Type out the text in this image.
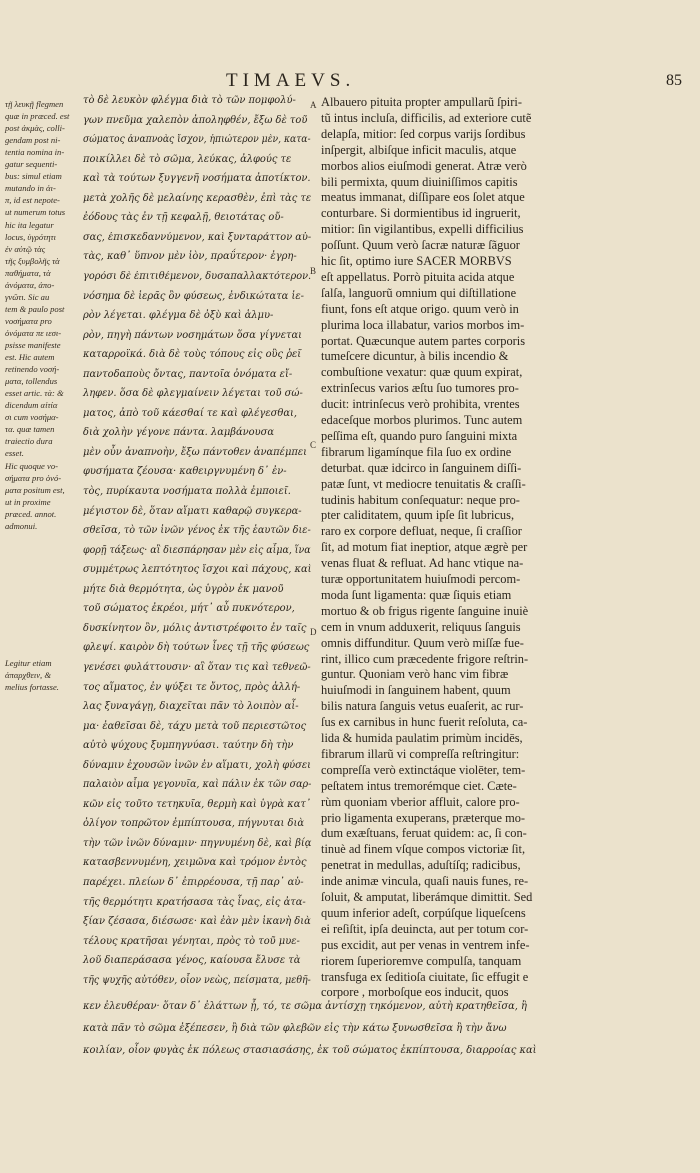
TIMAEVS.	85
τῇ λευκῇ flegmen
quæ in præced. est
post ἀκμὰς, colli-
gendam post ni-
tentia nomina in-
gatur sequenti-
bus: simul etiam
mutando in ἀι-
π, id est nepote-
ut numerum totus
hic ita legatur
locus, ὑγρότητι
ἐν αὐτῷ τὰς
τῆς ξυμβολῆς τὰ
παθήματα, τὰ
ἀνόματα, ἀπο-
γνῶτι. Sic au
tem & paulo post
νοσήματα pro
ὀνόματα πε ιεσι-
psisse manifeste
est. Hic autem
retinendo νοσή-
ματα, tollendus
esset artic. τὰ: &
dicendum αἰτία
σι cum νοσήμα-
τα. quæ tamen
traiectio dura
esset.
Hic quoque νο-
σήματα pro ὀνό-
ματα positum est,
ut in proxime
præced. annot.
admonui.
Legitur etiam
ἀπαρχθειν, &
melius fortasse.
τὸ δὲ λευκὸν φλέγμα διὰ τὸ τῶν πομφολύ-
γων πνεῦμα χαλεπὸν ἀποληφθέν, ἔξω δὲ τοῦ
σώματος ἀναπνοὰς ἴσχον, ἠπιώτερον μὲν, κατα-
ποικίλλει δὲ τὸ σῶμα, λεύκας, ἀλφούς τε
καὶ τὰ τούτων ξυγγενῆ νοσήματα ἀποτίκτον.
μετὰ χολῆς δὲ μελαίνης κερασθὲν, ἐπὶ τὰς τε
ἐόδους τὰς ἐν τῇ κεφαλῇ, θειοτάτας οὔ-
σας, ἐπισκεδαννύμενον, καὶ ξυνταράττον αὐ-
τὰς, καθ᾽ ὕπνον μὲν ἰὸν, πραΰτερον· ἐγρη-
γορόσι δὲ ἐπιτιθέμενον, δυσαπαλλακτότερον.
νόσημα δὲ ἱερᾶς ὂν φύσεως, ἐνδικώτατα ἱε-
ρὸν λέγεται. φλέγμα δὲ ὀξὺ καὶ ἁλμυ-
ρὸν, πηγὴ πάντων νοσημάτων ὅσα γίγνεται
καταρροϊκά. διὰ δὲ τοὺς τόπους εἰς οὓς ῥεῖ
παντοδαποὺς ὄντας, παντοῖα ὀνόματα εἴ-
ληφεν. ὅσα δὲ φλεγμαίνειν λέγεται τοῦ σώ-
ματος, ἀπὸ τοῦ κάεσθαί τε καὶ φλέγεσθαι,
διὰ χολὴν γέγονε πάντα. λαμβάνουσα
μὲν οὖν ἀναπνοὴν, ἔξω πάντοθεν ἀναπέμπει
φυσήματα ζέουσα· καθειργνυμένη δ᾽ ἐν-
τὸς, πυρίκαυτα νοσήματα πολλὰ ἐμποιεῖ.
μέγιστον δὲ, ὅταν αἵματι καθαρῷ συγκερα-
σθεῖσα, τὸ τῶν ἰνῶν γένος ἐκ τῆς ἑαυτῶν διε-
φορῇ τάξεως· αἳ διεσπάρησαν μὲν εἰς αἷμα, ἵνα
συμμέτρως λεπτότητος ἴσχοι καὶ πάχους, καὶ
μήτε διὰ θερμότητα, ὡς ὑγρὸν ἐκ μανοῦ
τοῦ σώματος ἐκρέοι, μήτ᾽ αὖ πυκνότερον,
δυσκίνητον ὂν, μόλις ἀντιστρέφοιτο ἐν ταῖς
φλεψί. καιρὸν δὴ τούτων ἶνες τῇ τῆς φύσεως
γενέσει φυλάττουσιν· αἳ ὅταν τις καὶ τεθνεῶ-
τος αἵματος, ἐν ψύξει τε ὄντος, πρὸς ἀλλή-
λας ξυναγάγῃ, διαχεῖται πᾶν τὸ λοιπὸν αἷ-
μα· ἐαθεῖσαι δὲ, τάχυ μετὰ τοῦ περιεστῶτος
αὐτὸ ψύχους ξυμπηγνύασι. ταύτην δὴ τὴν
δύναμιν ἐχουσῶν ἰνῶν ἐν αἵματι, χολὴ φύσει
παλαιὸν αἷμα γεγονυῖα, καὶ πάλιν ἐκ τῶν σαρ-
κῶν εἰς τοῦτο τετηκυῖα, θερμὴ καὶ ὑγρὰ κατ᾽
ὀλίγον τοπρῶτον ἐμπίπτουσα, πήγνυται διὰ
τὴν τῶν ἰνῶν δύναμιν· πηγνυμένη δὲ, καὶ βίᾳ
κατασβεννυμένη, χειμῶνα καὶ τρόμον ἐντὸς
παρέχει. πλείων δ᾽ ἐπιρρέουσα, τῇ παρ᾽ αὑ-
τῆς θερμότητι κρατήσασα τὰς ἶνας, εἰς ἀτα-
ξίαν ζέσασα, διέσωσε· καὶ ἐὰν μὲν ἱκανὴ διὰ
τέλους κρατῆσαι γένηται, πρὸς τὸ τοῦ μυε-
λοῦ διαπεράσασα γένος, καίουσα ἔλυσε τὰ
τῆς ψυχῆς αὐτόθεν, οἷον νεὼς, πείσματα, μεθῆ-
A
B
C
D
Albauero pituita propter ampullarũ ſpiri-
tũ intus incluſa, difficilis, ad exteriore cutẽ
delapſa, mitior: ſed corpus varijs ſordibus
inſpergit, albiſque inficit maculis, atque
morbos alios eiuſmodi generat. Atræ verò
bili permixta, quum diuiniſſimos capitis
meatus immanat, diſſipare eos ſolet atque
conturbare. Si dormientibus id ingruerit,
mitior: ſin vigilantibus, expelli difficilius
poſſunt. Quum verò ſacræ naturæ ſãguor
hic ſit, optimo iure SACER MORBVS
eſt appellatus. Porrò pituita acida atque
ſalſa, languorũ omnium qui diſtillatione
fiunt, fons eſt atque origo. quum verò in
plurima loca illabatur, varios morbos im-
portat. Quæcunque autem partes corporis
tumeſcere dicuntur, à bilis incendio &
combuſtione vexatur: quæ quum expirat,
extrinſecus varios æſtu ſuo tumores pro-
ducit: intrinſecus verò prohibita, vrentes
edaceſque morbos plurimos. Tunc autem
peſſima eſt, quando puro ſanguini mixta
fibrarum ligamínque fila ſuo ex ordine
deturbat. quæ idcirco in ſanguinem diſſi-
patæ ſunt, vt mediocre tenuitatis & craſſi-
tudinis habitum conſequatur: neque pro-
pter caliditatem, quum ipſe ſit lubricus,
raro ex corpore defluat, neque, ſi craſſior
ſit, ad motum fiat ineptior, atque ægrè per
venas fluat & refluat. Ad hanc vtique na-
turæ opportunitatem huiuſmodi percom-
moda ſunt ligamenta: quæ ſiquis etiam
mortuo & ob frigus rigente ſanguine inuiè
cem in vnum adduxerit, reliquus ſanguis
omnis diffunditur. Quum verò miſſæ fue-
rint, illico cum præcedente frigore reſtrin-
guntur. Quoniam verò hanc vim fibræ
huiuſmodi in ſanguinem habent, quum
bilis natura ſanguis vetus euaſerit, ac rur-
ſus ex carnibus in hunc fuerit reſoluta, ca-
lida & humida paulatim primùm incidēs,
fibrarum illarũ vi compreſſa reſtringitur:
compreſſa verò extinctáque violēter, tem-
peſtatem intus tremorémque ciet. Cæte-
rùm quoniam vberior affluit, calore pro-
prio ligamenta exuperans, præterque mo-
dum exæſtuans, feruat quidem: ac, ſi con-
tinuè ad finem vſque compos victoriæ ſit,
penetrat in medullas, aduſtíſq; radicibus,
inde animæ vincula, quaſi nauis funes, re-
ſoluit, & amputat, liberámque dimittit. Sed
quum inferior adeſt, corpúſque liqueſcens
ei reſiſtit, ipſa deuincta, aut per totum cor-
pus excidit, aut per venas in ventrem infe-
riorem ſuperioremve compulſa, tanquam
transfuga ex ſeditioſa ciuitate, ſic effugit e
corpore , morboſque eos inducit, quos
κεν ἐλευθέραν· ὅταν δ᾽ ἐλάττων ᾖ, τό, τε σῶμα ἀντίσχῃ τηκόμενον, αὐτὴ κρατηθεῖσα, ἢ
κατὰ πᾶν τὸ σῶμα ἐξέπεσεν, ἢ διὰ τῶν φλεβῶν εἰς τὴν κάτω ξυνωσθεῖσα ἢ τὴν ἄνω
κοιλίαν, οἷον φυγὰς ἐκ πόλεως στασιασάσης, ἐκ τοῦ σώματος ἐκπίπτουσα, διαρροίας καὶ
